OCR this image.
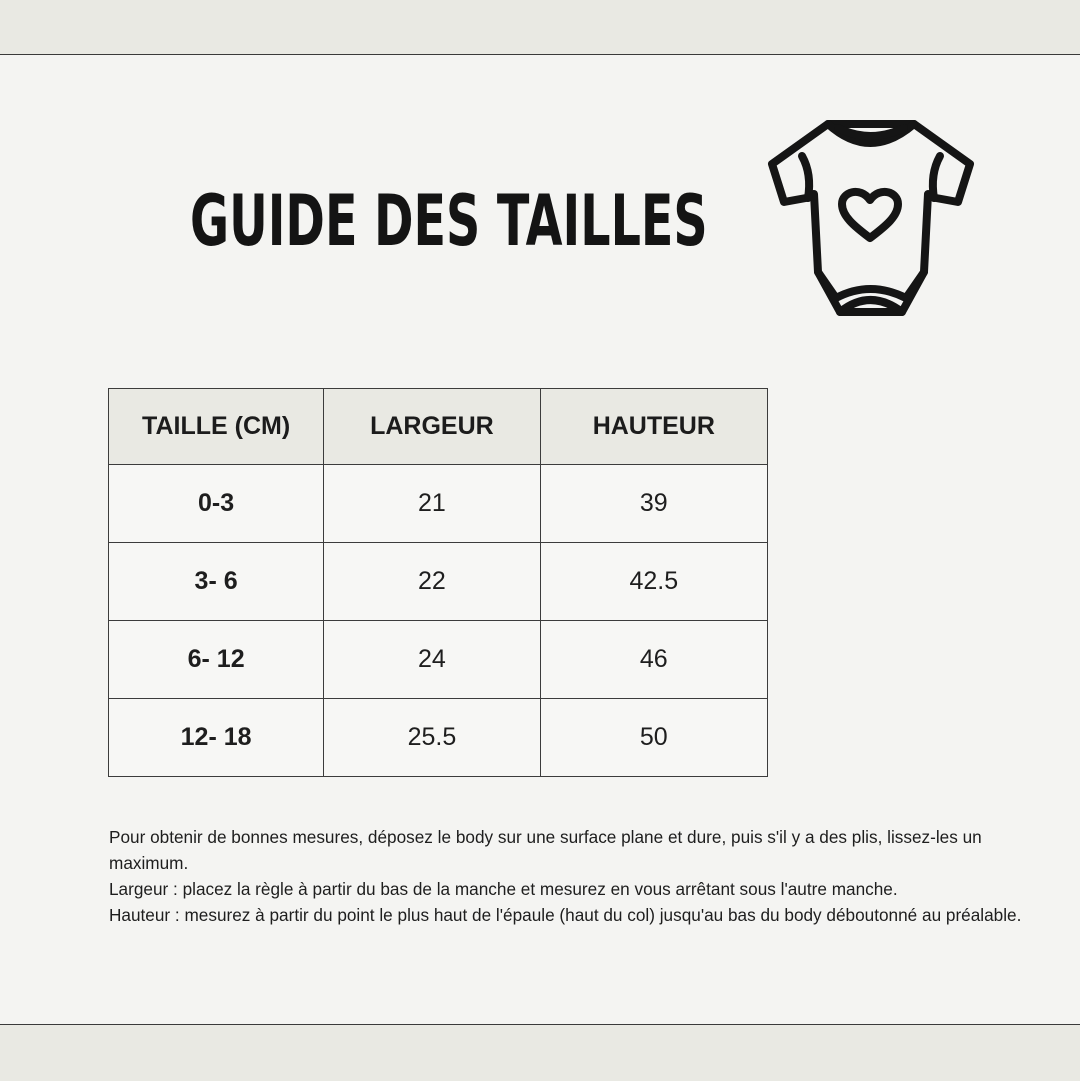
GUIDE DES TAILLES
TAILLE (CM)	LARGEUR	HAUTEUR
0-3	21	39
3- 6	22	42.5
6- 12	24	46
12- 18	25.5	50

Pour obtenir de bonnes mesures, déposez le body sur une surface plane et dure, puis s'il y a des plis, lissez-les un maximum.

Largeur : placez la règle à partir du bas de la manche et mesurez en vous arrêtant sous l'autre manche.

Hauteur : mesurez à partir du point le plus haut de l'épaule (haut du col) jusqu'au bas du body déboutonné au préalable.
